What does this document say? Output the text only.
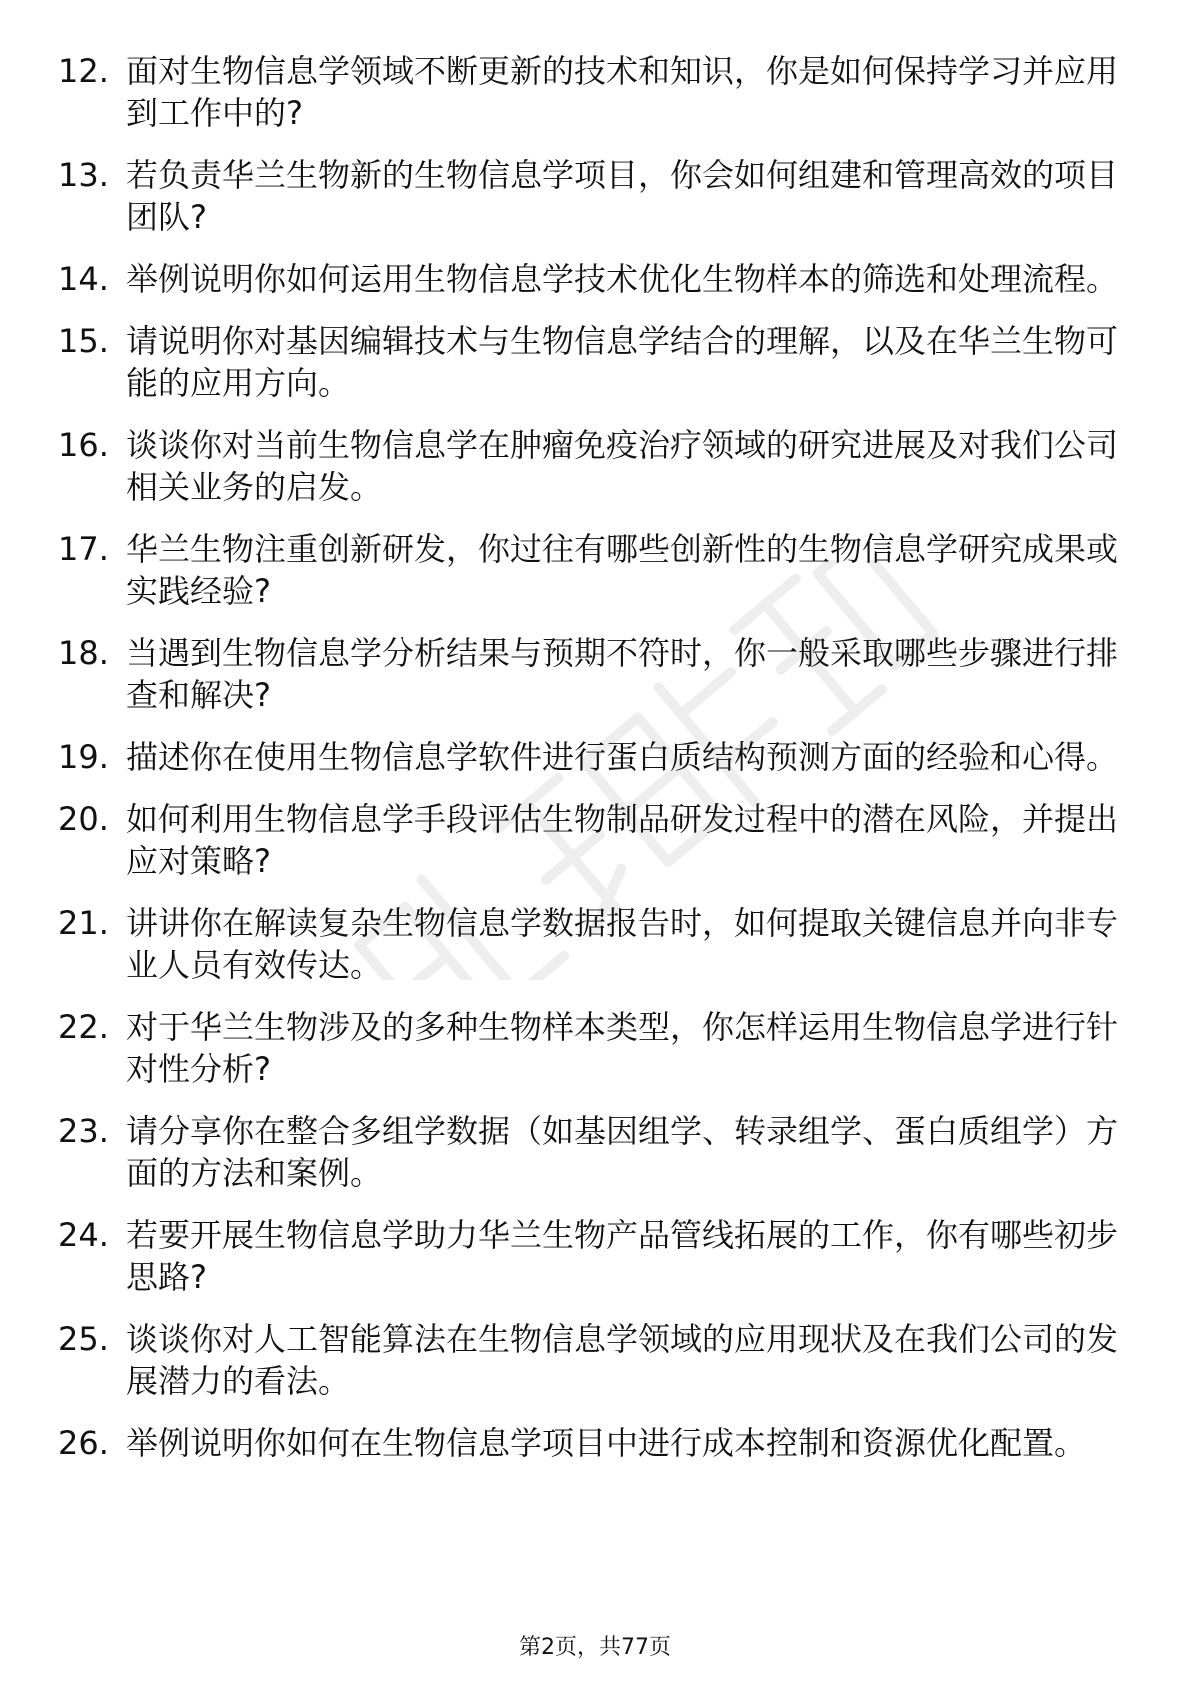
12. 面对生物信息学领域不断更新的技术和知识，你是如何保持学习并应用到工作中的?
13. 若负责华兰生物新的生物信息学项目，你会如何组建和管理高效的项目团队?
14. 举例说明你如何运用生物信息学技术优化生物样本的筛选和处理流程。
15. 请说明你对基因编辑技术与生物信息学结合的理解，以及在华兰生物可能的应用方向。
16. 谈谈你对当前生物信息学在肿瘤免疫治疗领域的研究进展及对我们公司相关业务的启发。
17. 华兰生物注重创新研发，你过往有哪些创新性的生物信息学研究成果或实践经验?
18. 当遇到生物信息学分析结果与预期不符时，你一般采取哪些步骤进行排查和解决?
19. 描述你在使用生物信息学软件进行蛋白质结构预测方面的经验和心得。
20. 如何利用生物信息学手段评估生物制品研发过程中的潜在风险，并提出应对策略?
21. 讲讲你在解读复杂生物信息学数据报告时，如何提取关键信息并向非专业人员有效传达。
22. 对于华兰生物涉及的多种生物样本类型，你怎样运用生物信息学进行针对性分析?
23. 请分享你在整合多组学数据（如基因组学、转录组学、蛋白质组学）方面的方法和案例。
24. 若要开展生物信息学助力华兰生物产品管线拓展的工作，你有哪些初步思路?
25. 谈谈你对人工智能算法在生物信息学领域的应用现状及在我们公司的发展潜力的看法。
26. 举例说明你如何在生物信息学项目中进行成本控制和资源优化配置。
第2页，共77页
